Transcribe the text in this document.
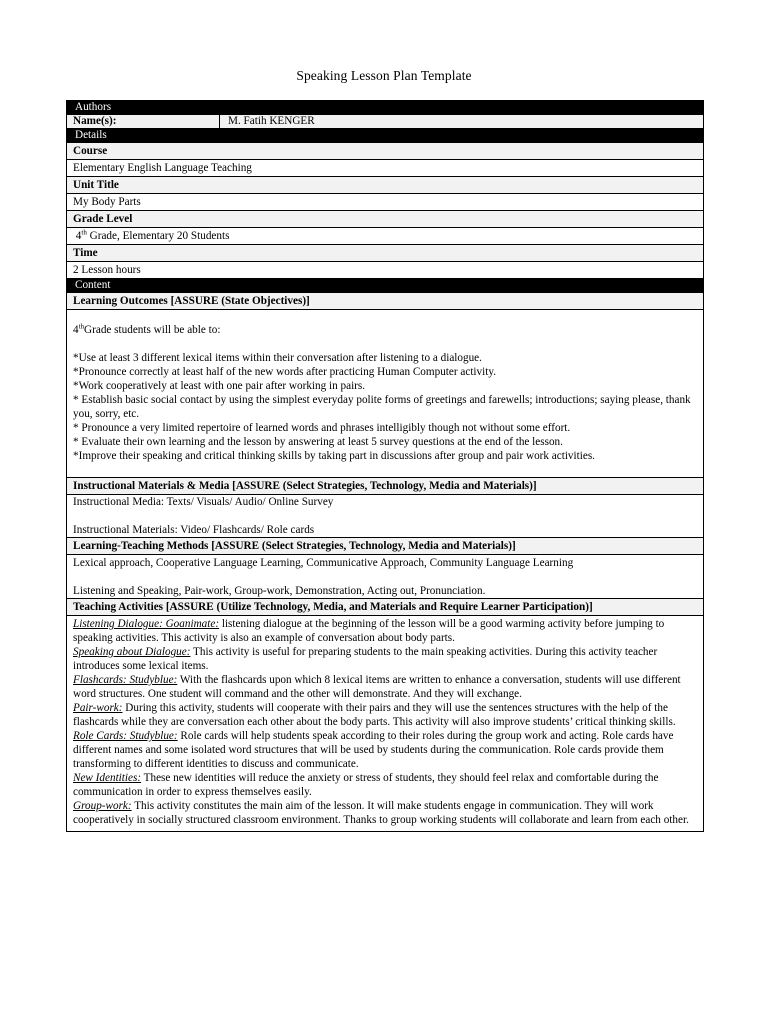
Speaking Lesson Plan Template
Authors
Name(s):	M. Fatih KENGER
Details
Course
Elementary English Language Teaching
Unit Title
My Body Parts
Grade Level
4th Grade, Elementary 20 Students
Time
2 Lesson hours
Content
Learning Outcomes [ASSURE (State Objectives)]

4thGrade students will be able to:

*Use at least 3 different lexical items within their conversation after listening to a dialogue.

*Pronounce correctly at least half of the new words after practicing Human Computer activity.

*Work cooperatively at least with one pair after working in pairs.

* Establish basic social contact by using the simplest everyday polite forms of greetings and farewells; introductions; saying please, thank you, sorry, etc.

* Pronounce a very limited repertoire of learned words and phrases intelligibly though not without some effort.

* Evaluate their own learning and the lesson by answering at least 5 survey questions at the end of the lesson.

*Improve their speaking and critical thinking skills by taking part in discussions after group and pair work activities.

Instructional Materials & Media [ASSURE (Select Strategies, Technology, Media and Materials)]

Instructional Media: Texts/ Visuals/ Audio/ Online Survey

Instructional Materials: Video/ Flashcards/ Role cards

Learning-Teaching Methods [ASSURE (Select Strategies, Technology, Media and Materials)]

Lexical approach, Cooperative Language Learning, Communicative Approach, Community Language Learning

Listening and Speaking, Pair-work, Group-work, Demonstration, Acting out, Pronunciation.

Teaching Activities [ASSURE (Utilize Technology, Media, and Materials and Require Learner Participation)]

Listening Dialogue: Goanimate: listening dialogue at the beginning of the lesson will be a good warming activity before jumping to speaking activities. This activity is also an example of conversation about body parts.

Speaking about Dialogue: This activity is useful for preparing students to the main speaking activities. During this activity teacher introduces some lexical items.

Flashcards: Studyblue: With the flashcards upon which 8 lexical items are written to enhance a conversation, students will use different word structures. One student will command and the other will demonstrate. And they will exchange.

Pair-work: During this activity, students will cooperate with their pairs and they will use the sentences structures with the help of the flashcards while they are conversation each other about the body parts. This activity will also improve students’ critical thinking skills.

Role Cards: Studyblue: Role cards will help students speak according to their roles during the group work and acting. Role cards have different names and some isolated word structures that will be used by students during the communication. Role cards provide them transforming to different identities to discuss and communicate.

New Identities: These new identities will reduce the anxiety or stress of students, they should feel relax and comfortable during the communication in order to express themselves easily.

Group-work: This activity constitutes the main aim of the lesson. It will make students engage in communication. They will work cooperatively in socially structured classroom environment. Thanks to group working students will collaborate and learn from each other.
